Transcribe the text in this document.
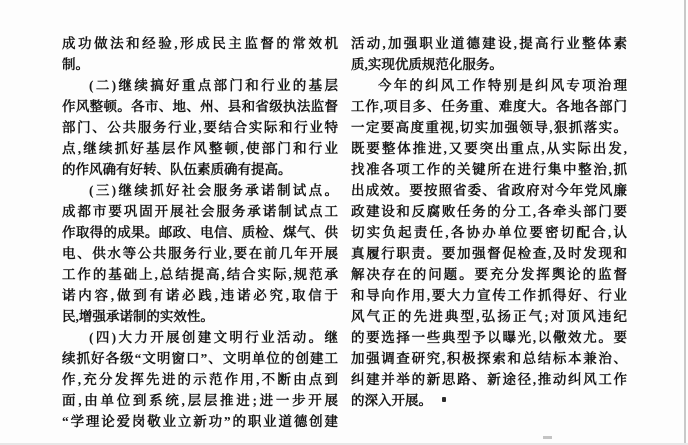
成功做法和经验,形成民主监督的常效机
制。
(二)继续搞好重点部门和行业的基层
作风整顿。各市、地、州、县和省级执法监督
部门、公共服务行业,要结合实际和行业特
点,继续抓好基层作风整顿,使部门和行业
的作风确有好转、队伍素质确有提高。
(三)继续抓好社会服务承诺制试点。
成都市要巩固开展社会服务承诺制试点工
作取得的成果。邮政、电信、质检、煤气、供
电、供水等公共服务行业,要在前几年开展
工作的基础上,总结提高,结合实际,规范承
诺内容,做到有诺必践,违诺必究,取信于
民,增强承诺制的实效性。
(四)大力开展创建文明行业活动。继
续抓好各级“文明窗口”、文明单位的创建工
作,充分发挥先进的示范作用,不断由点到
面,由单位到系统,层层推进;进一步开展
“学理论爱岗敬业立新功”的职业道德创建
活动,加强职业道德建设,提高行业整体素
质,实现优质规范化服务。
今年的纠风工作特别是纠风专项治理
工作,项目多、任务重、难度大。各地各部门
一定要高度重视,切实加强领导,狠抓落实。
既要整体推进,又要突出重点,从实际出发,
找准各项工作的关键所在进行集中整治,抓
出成效。要按照省委、省政府对今年党风廉
政建设和反腐败任务的分工,各牵头部门要
切实负起责任,各协办单位要密切配合,认
真履行职责。要加强督促检查,及时发现和
解决存在的问题。要充分发挥舆论的监督
和导向作用,要大力宣传工作抓得好、行业
风气正的先进典型,弘扬正气;对顶风违纪
的要选择一些典型予以曝光,以儆效尤。要
加强调查研究,积极探索和总结标本兼治、
纠建并举的新思路、新途径,推动纠风工作
的深入开展。
